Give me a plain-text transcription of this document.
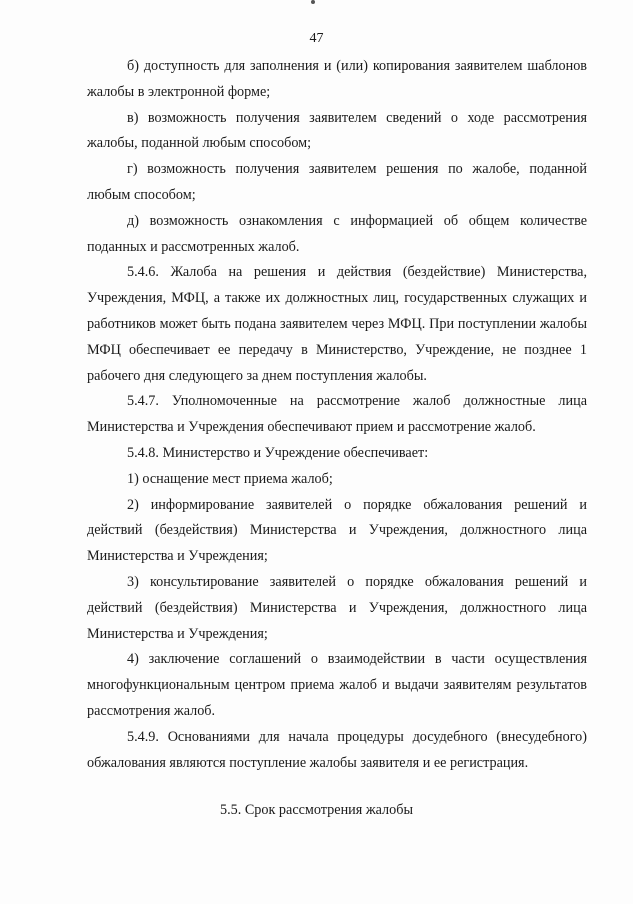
47

б) доступность для заполнения и (или) копирования заявителем шаблонов жалобы в электронной форме;

в) возможность получения заявителем сведений о ходе рассмотрения жалобы, поданной любым способом;

г) возможность получения заявителем решения по жалобе, поданной любым способом;

д) возможность ознакомления с информацией об общем количестве поданных и рассмотренных жалоб.

5.4.6. Жалоба на решения и действия (бездействие) Министерства, Учреждения, МФЦ, а также их должностных лиц, государственных служащих и работников может быть подана заявителем через МФЦ. При поступлении жалобы МФЦ обеспечивает ее передачу в Министерство, Учреждение, не позднее 1 рабочего дня следующего за днем поступления жалобы.

5.4.7. Уполномоченные на рассмотрение жалоб должностные лица Министерства и Учреждения обеспечивают прием и рассмотрение жалоб.

5.4.8. Министерство и Учреждение обеспечивает:

1) оснащение мест приема жалоб;

2) информирование заявителей о порядке обжалования решений и действий (бездействия) Министерства и Учреждения, должностного лица Министерства и Учреждения;

3) консультирование заявителей о порядке обжалования решений и действий (бездействия) Министерства и Учреждения, должностного лица Министерства и Учреждения;

4) заключение соглашений о взаимодействии в части осуществления многофункциональным центром приема жалоб и выдачи заявителям результатов рассмотрения жалоб.

5.4.9. Основаниями для начала процедуры досудебного (внесудебного) обжалования являются поступление жалобы заявителя и ее регистрация.

5.5. Срок рассмотрения жалобы
